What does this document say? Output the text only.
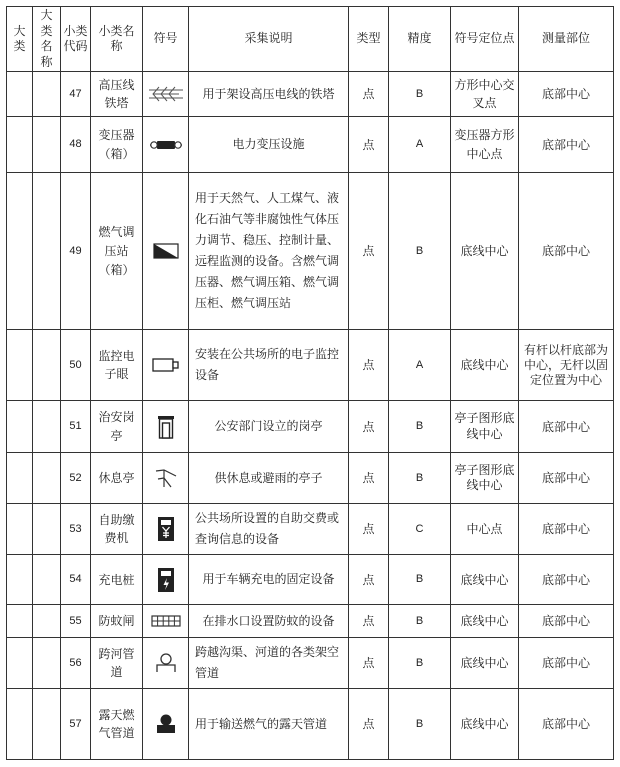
大类	大类名称	小类代码	小类名称	符号	采集说明	类型	精度	符号定位点	测量部位
		47	高压线铁塔		用于架设高压电线的铁塔	点	B	方形中心交叉点	底部中心
		48	变压器（箱）		电力变压设施	点	A	变压器方形中心点	底部中心
		49	燃气调压站（箱）		用于天然气、人工煤气、液化石油气等非腐蚀性气体压力调节、稳压、控制计量、远程监测的设备。含燃气调压器、燃气调压箱、燃气调压柜、燃气调压站	点	B	底线中心	底部中心
		50	监控电子眼		安装在公共场所的电子监控设备	点	A	底线中心	有杆以杆底部为中心，无杆以固定位置为中心
		51	治安岗亭		公安部门设立的岗亭	点	B	亭子图形底线中心	底部中心
		52	休息亭		供休息或避雨的亭子	点	B	亭子图形底线中心	底部中心
		53	自助缴费机		公共场所设置的自助交费或查询信息的设备	点	C	中心点	底部中心
		54	充电桩		用于车辆充电的固定设备	点	B	底线中心	底部中心
		55	防蚊闸		在排水口设置防蚊的设备	点	B	底线中心	底部中心
		56	跨河管道		跨越沟渠、河道的各类架空管道	点	B	底线中心	底部中心
		57	露天燃气管道		用于输送燃气的露天管道	点	B	底线中心	底部中心
